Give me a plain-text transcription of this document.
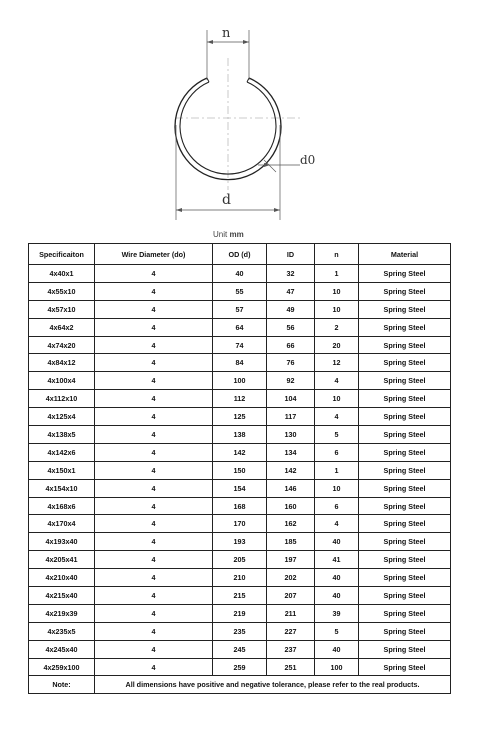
n
d0
d
Unit mm
Specificaiton	Wire Diameter (do)	OD (d)	ID	n	Material
4x40x1	4	40	32	1	Spring Steel
4x55x10	4	55	47	10	Spring Steel
4x57x10	4	57	49	10	Spring Steel
4x64x2	4	64	56	2	Spring Steel
4x74x20	4	74	66	20	Spring Steel
4x84x12	4	84	76	12	Spring Steel
4x100x4	4	100	92	4	Spring Steel
4x112x10	4	112	104	10	Spring Steel
4x125x4	4	125	117	4	Spring Steel
4x138x5	4	138	130	5	Spring Steel
4x142x6	4	142	134	6	Spring Steel
4x150x1	4	150	142	1	Spring Steel
4x154x10	4	154	146	10	Spring Steel
4x168x6	4	168	160	6	Spring Steel
4x170x4	4	170	162	4	Spring Steel
4x193x40	4	193	185	40	Spring Steel
4x205x41	4	205	197	41	Spring Steel
4x210x40	4	210	202	40	Spring Steel
4x215x40	4	215	207	40	Spring Steel
4x219x39	4	219	211	39	Spring Steel
4x235x5	4	235	227	5	Spring Steel
4x245x40	4	245	237	40	Spring Steel
4x259x100	4	259	251	100	Spring Steel
Note:	All dimensions have positive and negative tolerance, please refer to the real products.				
